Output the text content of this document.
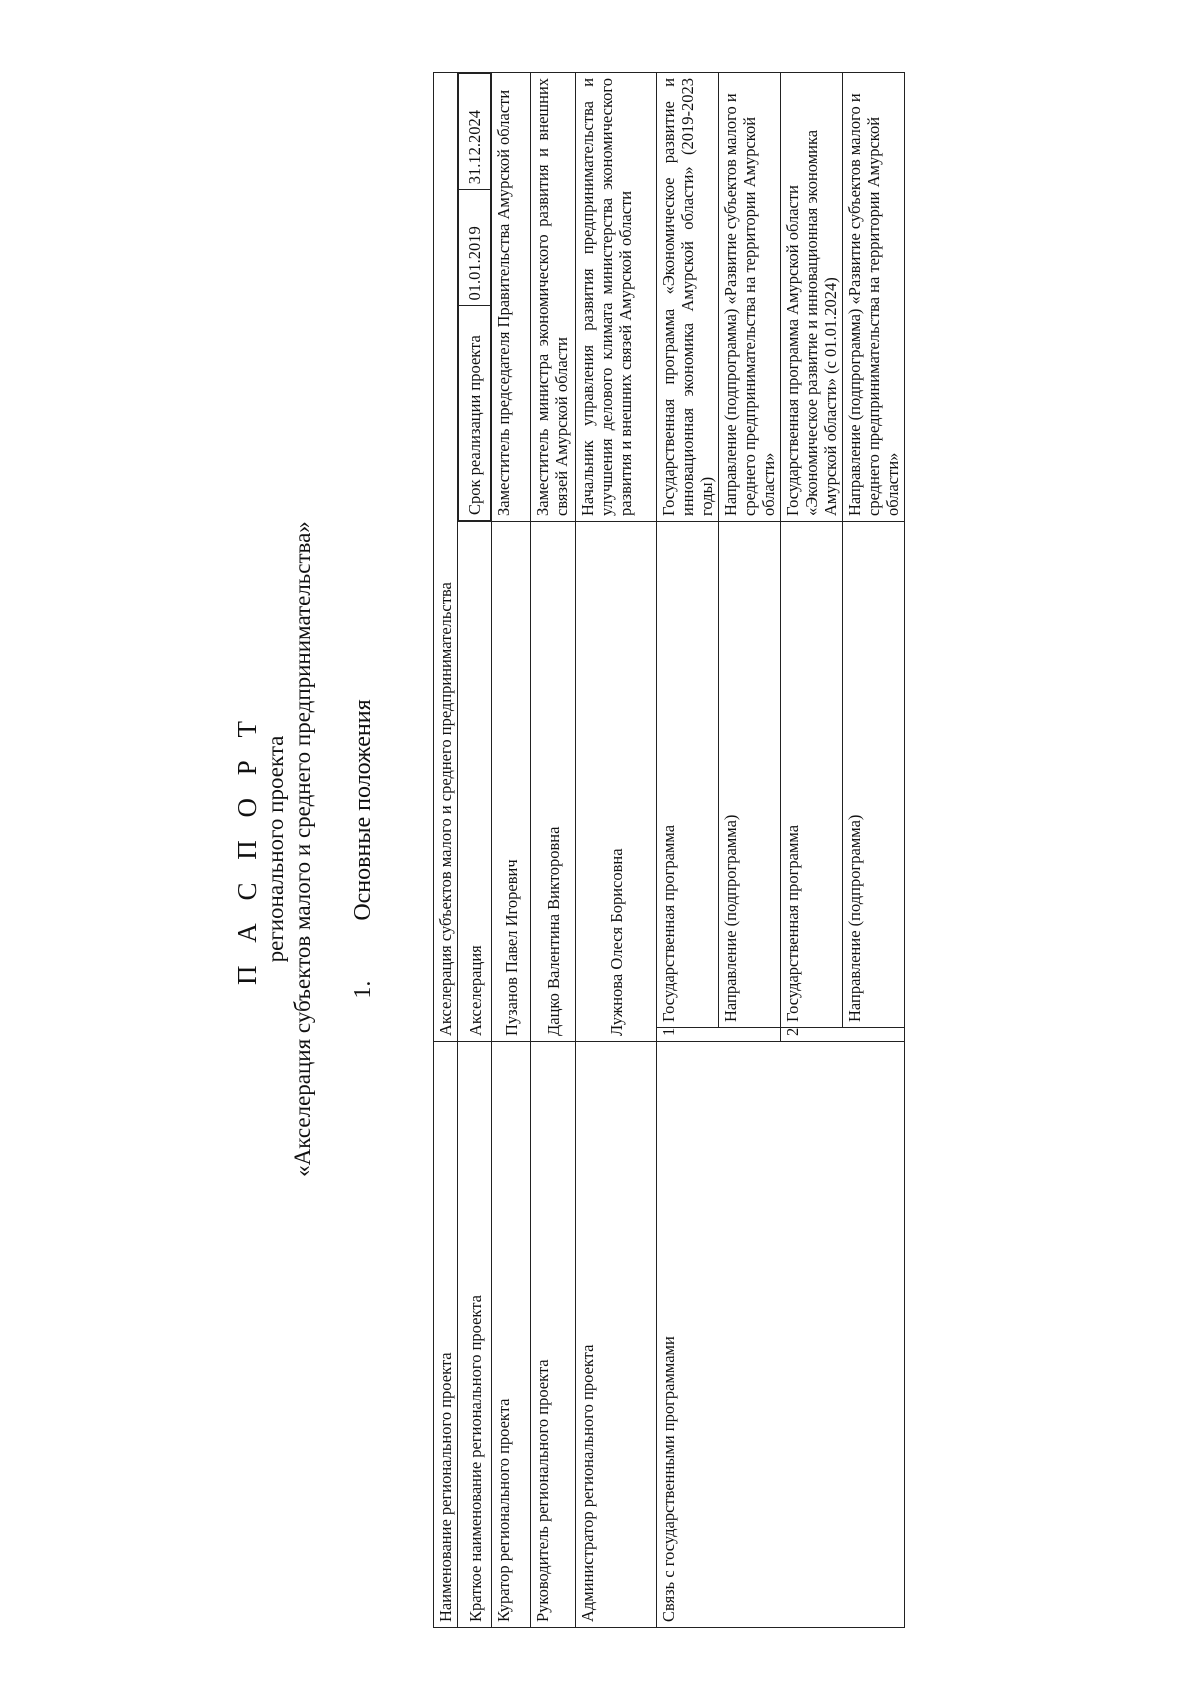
П А С П О Р Т регионального проекта «Акселерация субъектов малого и среднего предпринимательства» 1.Основные положения
Наименование регионального проекта	Акселерация субъектов малого и среднего предпринимательства
Краткое наименование регионального проекта	Акселерация	
Срок реализации проекта	01.01.2019	31.12.2024

Куратор регионального проекта	Пузанов Павел Игоревич	Заместитель председателя Правительства Амурской области
Руководитель регионального проекта	Дацко Валентина Викторовна	Заместитель министра экономического развития и внешних связей Амурской области
Администратор регионального проекта	Лужнова Олеся Борисовна	Начальник управления развития предпринимательства и улучшения делового климата министерства экономического развития и внешних связей Амурской области
Связь с государственными программами	1	Государственная программа	Государственная программа «Экономическое развитие и инновационная экономика Амурской области» (2019-2023 годы)
Направление (подпрограмма)	Направление (подпрограмма) «Развитие субъектов малого и среднего предпринимательства на территории Амурской области»
2	Государственная программа	Государственная программа Амурской области «Экономическое развитие и инновационная экономика Амурской области» (с 01.01.2024)
Направление (подпрограмма)	Направление (подпрограмма) «Развитие субъектов малого и среднего предпринимательства на территории Амурской области»
